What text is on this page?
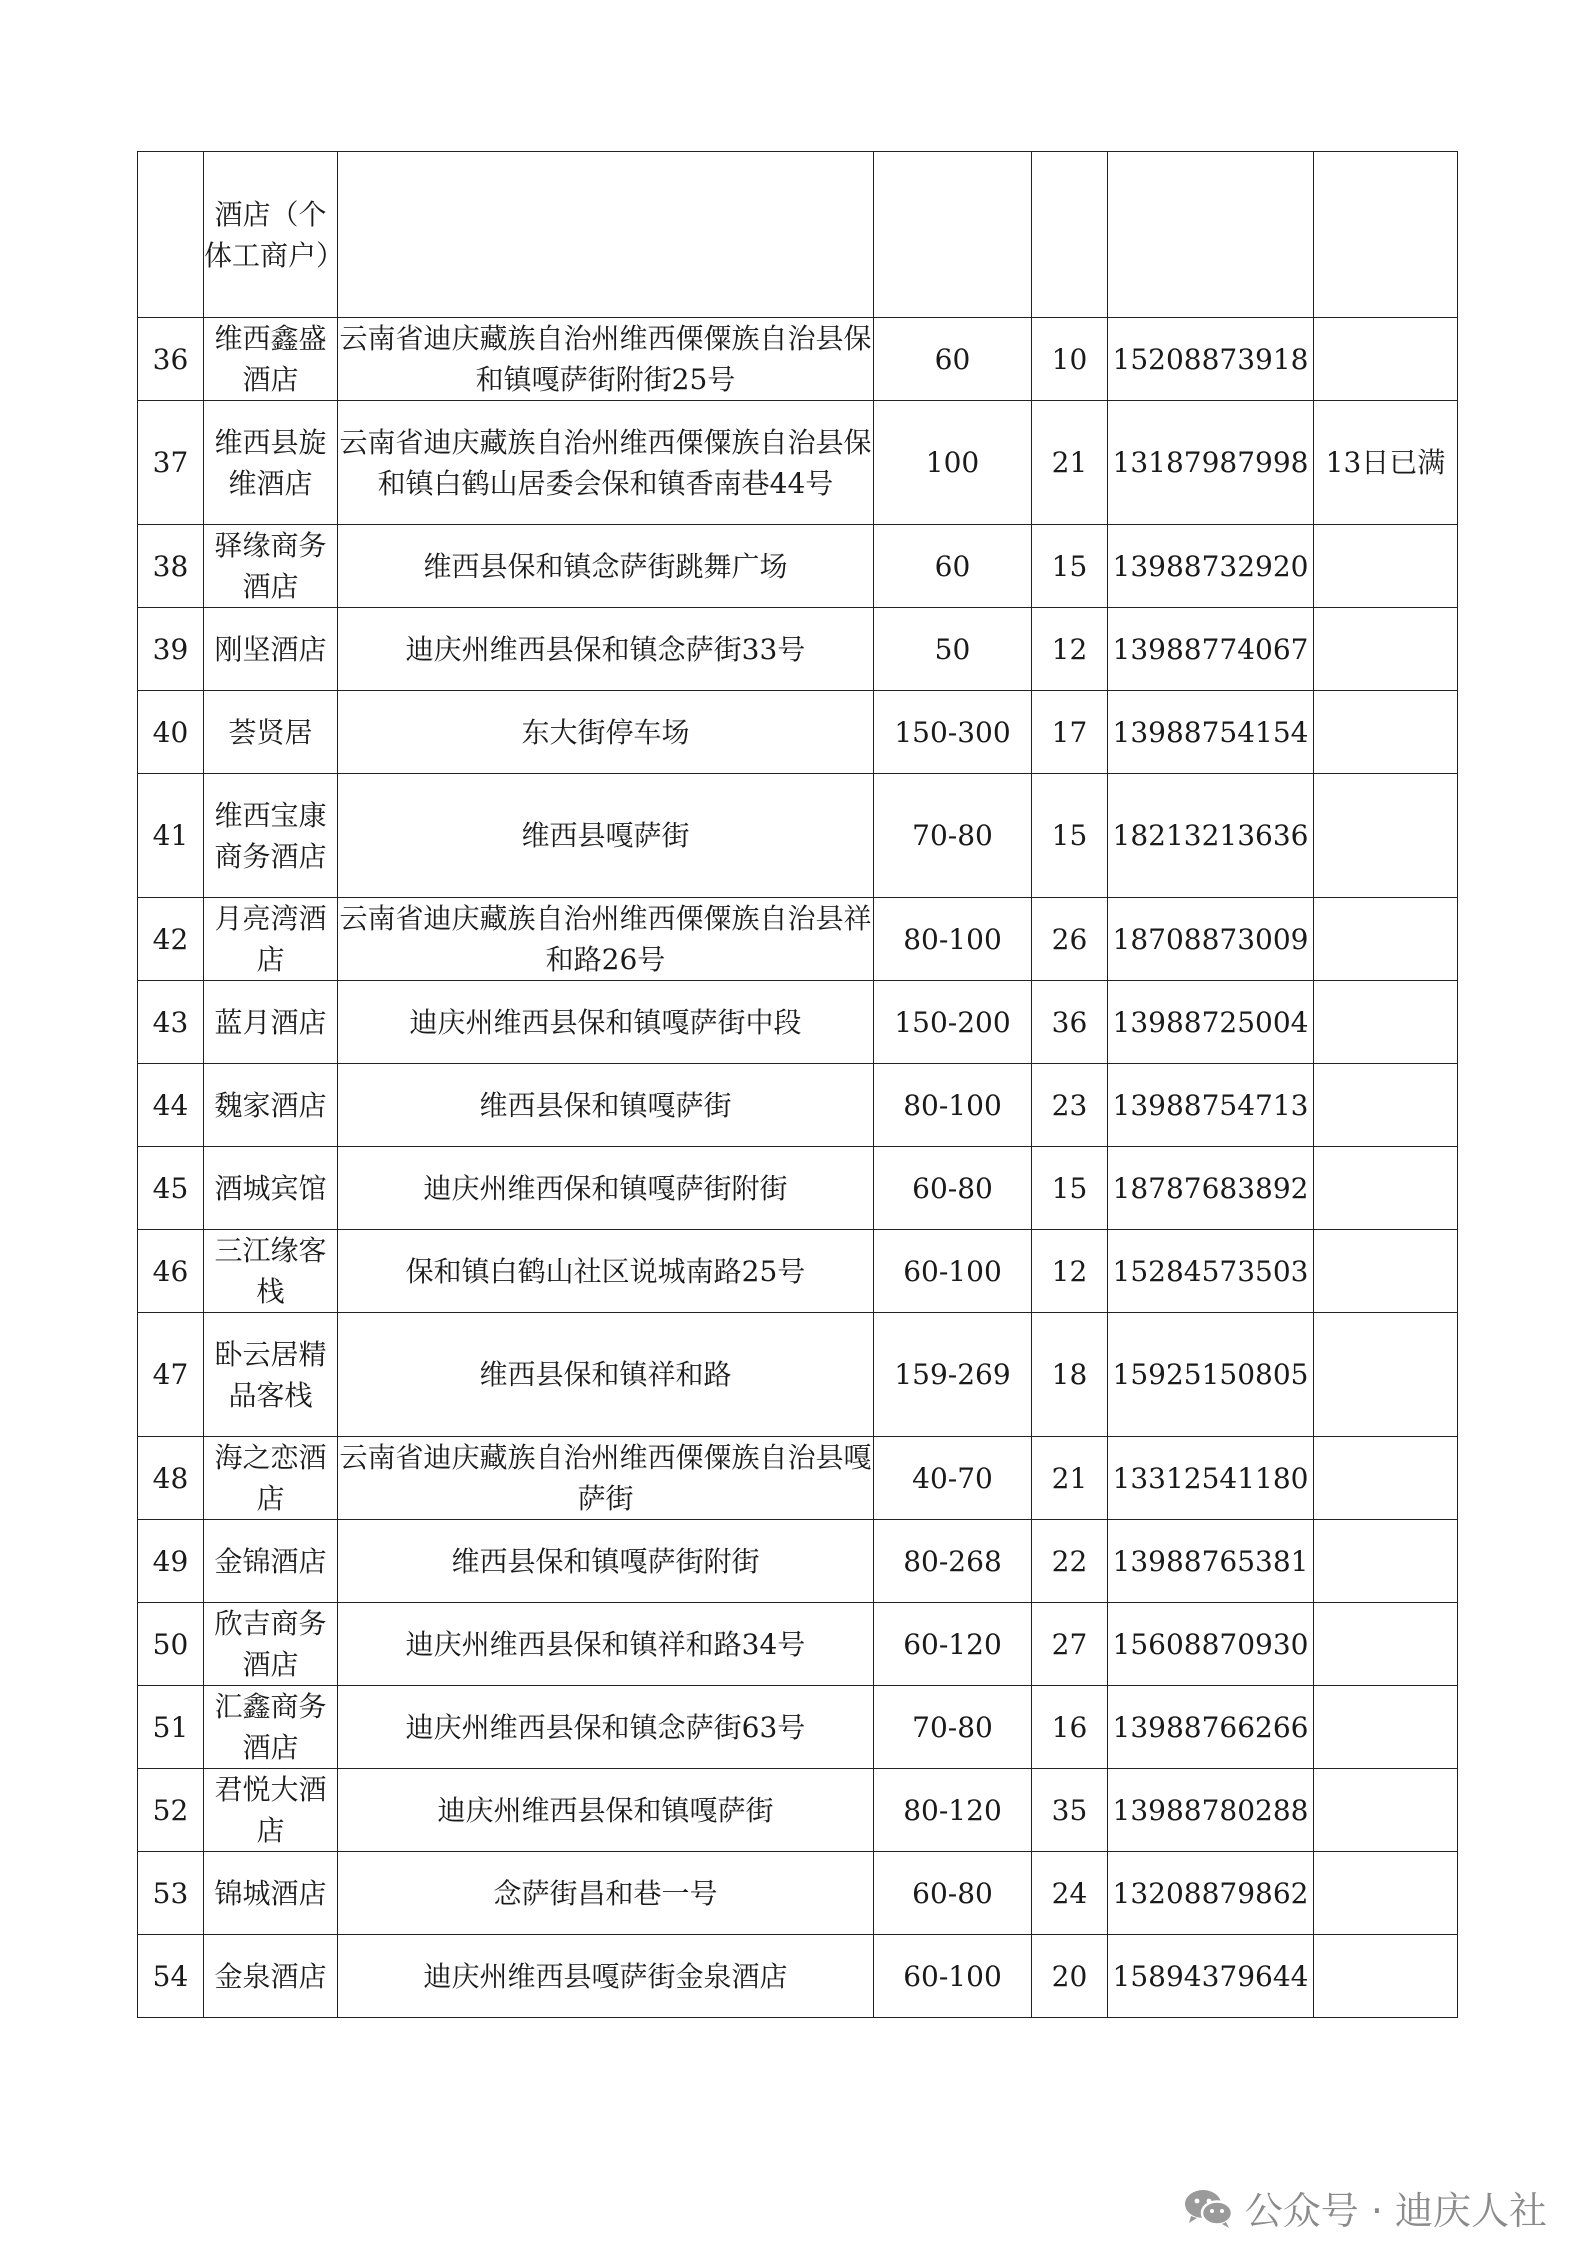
	酒店（个体工商户）					
36	维西鑫盛酒店	云南省迪庆藏族自治州维西傈僳族自治县保和镇嘎萨街附街25号	60	10	15208873918	
37	维西县旋维酒店	云南省迪庆藏族自治州维西傈僳族自治县保和镇白鹤山居委会保和镇香南巷44号	100	21	13187987998	13日已满
38	驿缘商务酒店	维西县保和镇念萨街跳舞广场	60	15	13988732920	
39	刚坚酒店	迪庆州维西县保和镇念萨街33号	50	12	13988774067	
40	荟贤居	东大街停车场	150-300	17	13988754154	
41	维西宝康商务酒店	维西县嘎萨街	70-80	15	18213213636	
42	月亮湾酒店	云南省迪庆藏族自治州维西傈僳族自治县祥和路26号	80-100	26	18708873009	
43	蓝月酒店	迪庆州维西县保和镇嘎萨街中段	150-200	36	13988725004	
44	魏家酒店	维西县保和镇嘎萨街	80-100	23	13988754713	
45	酒城宾馆	迪庆州维西保和镇嘎萨街附街	60-80	15	18787683892	
46	三江缘客栈	保和镇白鹤山社区说城南路25号	60-100	12	15284573503	
47	卧云居精品客栈	维西县保和镇祥和路	159-269	18	15925150805	
48	海之恋酒店	云南省迪庆藏族自治州维西傈僳族自治县嘎萨街	40-70	21	13312541180	
49	金锦酒店	维西县保和镇嘎萨街附街	80-268	22	13988765381	
50	欣吉商务酒店	迪庆州维西县保和镇祥和路34号	60-120	27	15608870930	
51	汇鑫商务酒店	迪庆州维西县保和镇念萨街63号	70-80	16	13988766266	
52	君悦大酒店	迪庆州维西县保和镇嘎萨街	80-120	35	13988780288	
53	锦城酒店	念萨街昌和巷一号	60-80	24	13208879862	
54	金泉酒店	迪庆州维西县嘎萨街金泉酒店	60-100	20	15894379644	
公众号 · 迪庆人社
